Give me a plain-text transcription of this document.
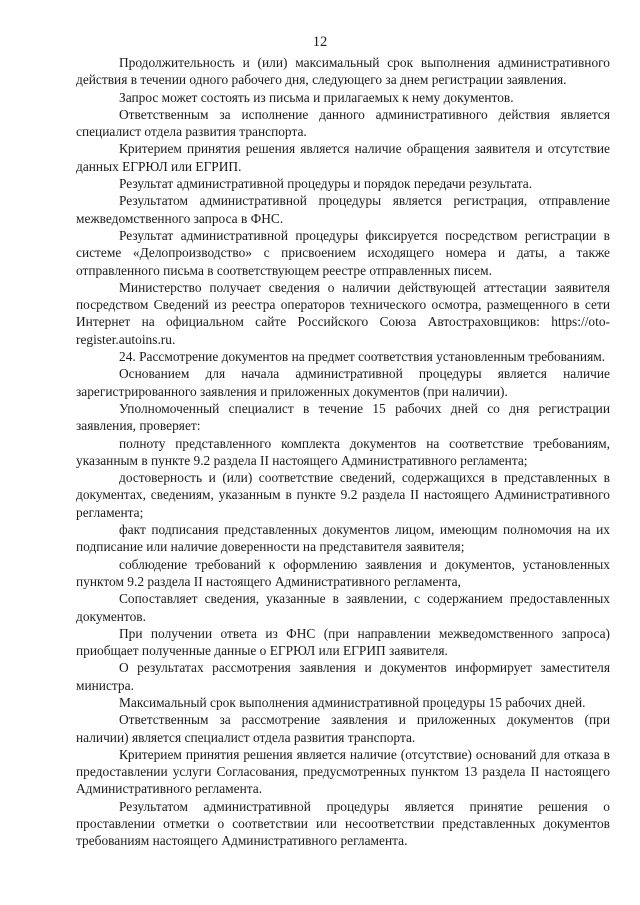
12

Продолжительность и (или) максимальный срок выполнения административного действия в течении одного рабочего дня, следующего за днем регистрации заявления.

Запрос может состоять из письма и прилагаемых к нему документов.

Ответственным за исполнение данного административного действия является специалист отдела развития транспорта.

Критерием принятия решения является наличие обращения заявителя и отсутствие данных ЕГРЮЛ или ЕГРИП.

Результат административной процедуры и порядок передачи результата.

Результатом административной процедуры является регистрация, отправление межведомственного запроса в ФНС.

Результат административной процедуры фиксируется посредством регистрации в системе «Делопроизводство» с присвоением исходящего номера и даты, а также отправленного письма в соответствующем реестре отправленных писем.

Министерство получает сведения о наличии действующей аттестации заявителя посредством Сведений из реестра операторов технического осмотра, размещенного в сети Интернет на официальном сайте Российского Союза Автостраховщиков: https://oto-register.autoins.ru.

24. Рассмотрение документов на предмет соответствия установленным требованиям.

Основанием для начала административной процедуры является наличие зарегистрированного заявления и приложенных документов (при наличии).

Уполномоченный специалист в течение 15 рабочих дней со дня регистрации заявления, проверяет:

полноту представленного комплекта документов на соответствие требованиям, указанным в пункте 9.2 раздела II настоящего Административного регламента;

достоверность и (или) соответствие сведений, содержащихся в представленных в документах, сведениям, указанным в пункте 9.2 раздела II настоящего Административного регламента;

факт подписания представленных документов лицом, имеющим полномочия на их подписание или наличие доверенности на представителя заявителя;

соблюдение требований к оформлению заявления и документов, установленных пунктом 9.2 раздела II настоящего Административного регламента,

Сопоставляет сведения, указанные в заявлении, с содержанием предоставленных документов.

При получении ответа из ФНС (при направлении межведомственного запроса) приобщает полученные данные о ЕГРЮЛ или ЕГРИП заявителя.

О результатах рассмотрения заявления и документов информирует заместителя министра.

Максимальный срок выполнения административной процедуры 15 рабочих дней.

Ответственным за рассмотрение заявления и приложенных документов (при наличии) является специалист отдела развития транспорта.

Критерием принятия решения является наличие (отсутствие) оснований для отказа в предоставлении услуги Согласования, предусмотренных пунктом 13 раздела II настоящего Административного регламента.

Результатом административной процедуры является принятие решения о проставлении отметки о соответствии или несоответствии представленных документов требованиям настоящего Административного регламента.
